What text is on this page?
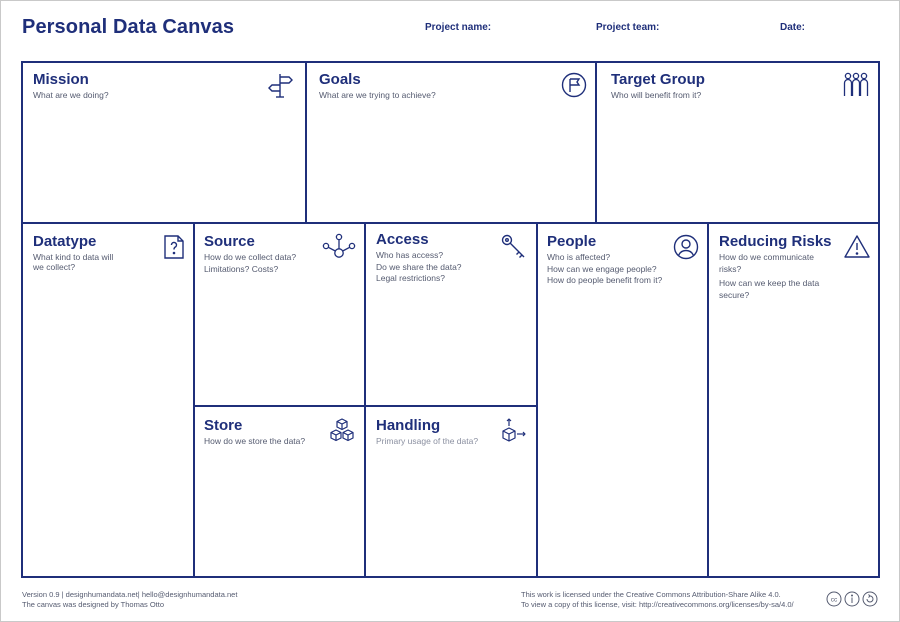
Personal Data Canvas	Project name:	Project team:	Date:
Mission

What are we doing?

Goals

What are we trying to achieve?

Target Group

Who will benefit from it?

Datatype

What kind to data will

we collect?

Source

How do we collect data?

Limitations? Costs?

Access

Who has access?

Do we share the data?

Legal restrictions?

People

Who is affected?

How can we engage people?

How do people benefit from it?

Reducing Risks

How do we communicate

risks?

How can we keep the data

secure?

Store

How do we store the data?

Handling

Primary usage of the data?

Version 0.9 | designhumandata.net| hello@designhumandata.net
The canvas was designed by Thomas Otto
This work is licensed under the Creative Commons Attribution-Share Alike 4.0.
To view a copy of this license, visit: http://creativecommons.org/licenses/by-sa/4.0/	cc
